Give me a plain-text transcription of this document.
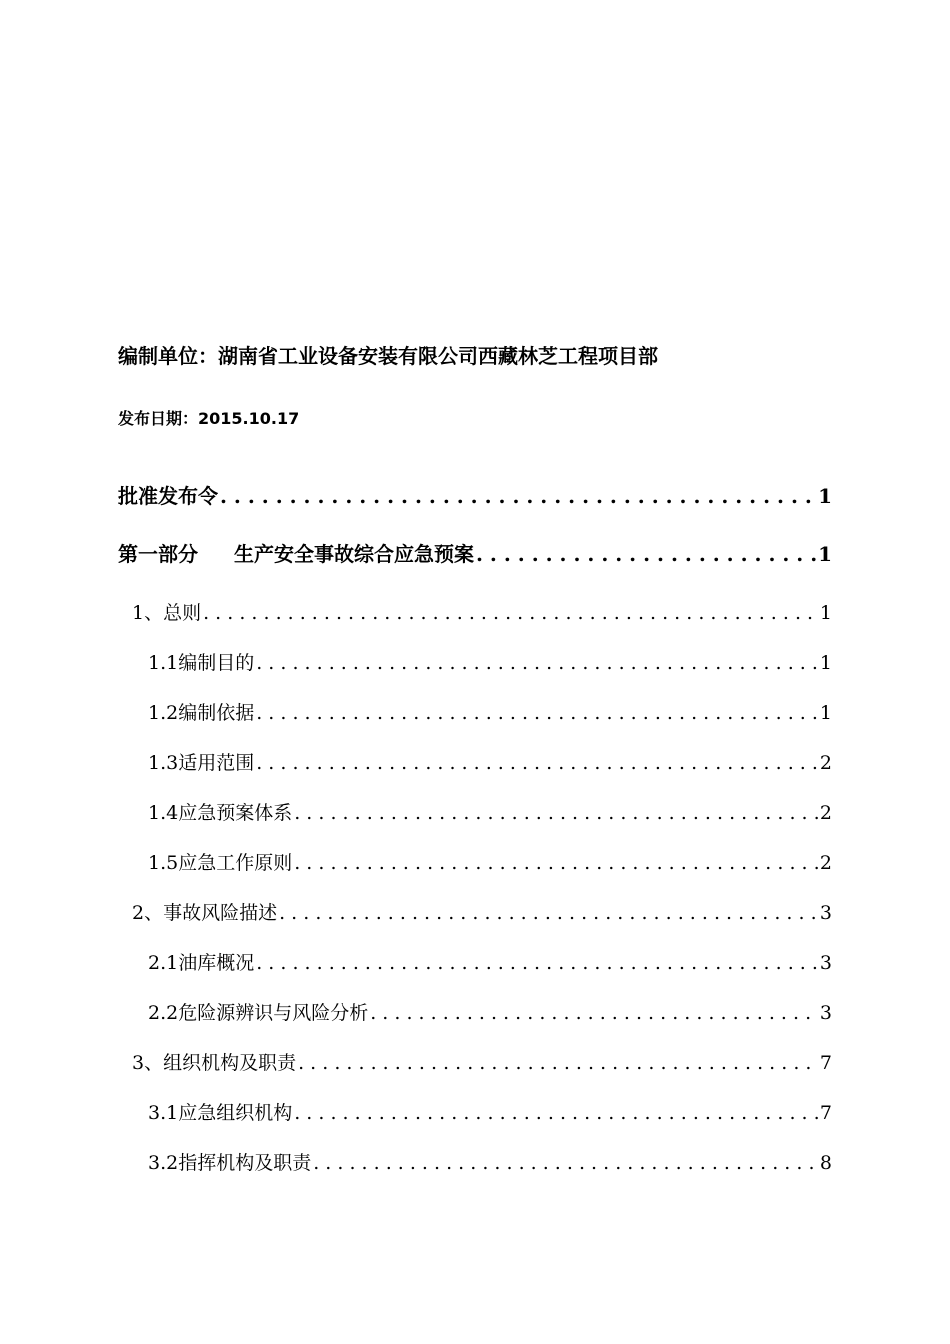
编制单位：湖南省工业设备安装有限公司西藏林芝工程项目部
发布日期：2015.10.17
批准发布令 . . .	1
第一部分 生产安全事故综合应急预案 . . .	1
1、总则 . . .	1
1.1编制目的 . . .	1
1.2编制依据 . . .	1
1.3适用范围 . . .	2
1.4应急预案体系 . . .	2
1.5应急工作原则 . . .	2
2、事故风险描述 . . .	3
2.1油库概况 . . .	3
2.2危险源辨识与风险分析 . . .	3
3、组织机构及职责 . . .	7
3.1应急组织机构 . . .	7
3.2指挥机构及职责 . . .	8
